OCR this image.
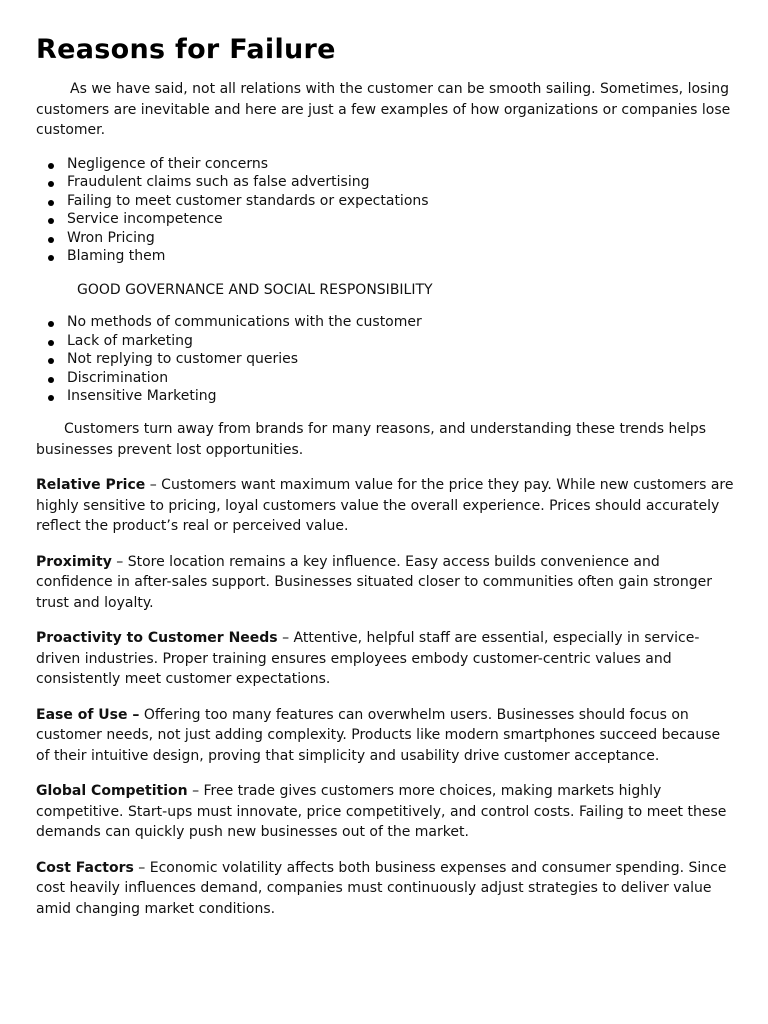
Reasons for Failure

As we have said, not all relations with the customer can be smooth sailing. Sometimes, losing customers are inevitable and here are just a few examples of how organizations or companies lose customer.

Negligence of their concerns
Fraudulent claims such as false advertising
Failing to meet customer standards or expectations
Service incompetence
Wron Pricing
Blaming them
GOOD GOVERNANCE AND SOCIAL RESPONSIBILITY
No methods of communications with the customer
Lack of marketing
Not replying to customer queries
Discrimination
Insensitive Marketing

Customers turn away from brands for many reasons, and understanding these trends helps businesses prevent lost opportunities.

Relative Price – Customers want maximum value for the price they pay. While new customers are highly sensitive to pricing, loyal customers value the overall experience. Prices should accurately reflect the product’s real or perceived value.

Proximity – Store location remains a key influence. Easy access builds convenience and confidence in after-sales support. Businesses situated closer to communities often gain stronger trust and loyalty.

Proactivity to Customer Needs – Attentive, helpful staff are essential, especially in service-driven industries. Proper training ensures employees embody customer-centric values and consistently meet customer expectations.

Ease of Use – Offering too many features can overwhelm users. Businesses should focus on customer needs, not just adding complexity. Products like modern smartphones succeed because of their intuitive design, proving that simplicity and usability drive customer acceptance.

Global Competition – Free trade gives customers more choices, making markets highly competitive. Start-ups must innovate, price competitively, and control costs. Failing to meet these demands can quickly push new businesses out of the market.

Cost Factors – Economic volatility affects both business expenses and consumer spending. Since cost heavily influences demand, companies must continuously adjust strategies to deliver value amid changing market conditions.
